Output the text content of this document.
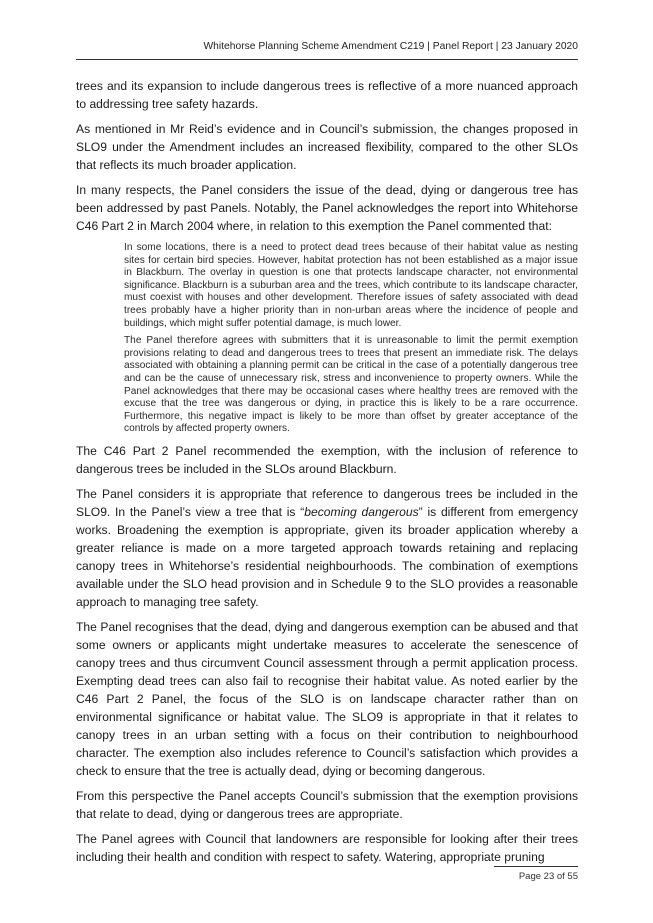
Whitehorse Planning Scheme Amendment C219 | Panel Report | 23 January 2020

trees and its expansion to include dangerous trees is reflective of a more nuanced approach to addressing tree safety hazards.

As mentioned in Mr Reid’s evidence and in Council’s submission, the changes proposed in SLO9 under the Amendment includes an increased flexibility, compared to the other SLOs that reflects its much broader application.

In many respects, the Panel considers the issue of the dead, dying or dangerous tree has been addressed by past Panels. Notably, the Panel acknowledges the report into Whitehorse C46 Part 2 in March 2004 where, in relation to this exemption the Panel commented that:

In some locations, there is a need to protect dead trees because of their habitat value as nesting sites for certain bird species. However, habitat protection has not been established as a major issue in Blackburn. The overlay in question is one that protects landscape character, not environmental significance. Blackburn is a suburban area and the trees, which contribute to its landscape character, must coexist with houses and other development. Therefore issues of safety associated with dead trees probably have a higher priority than in non-urban areas where the incidence of people and buildings, which might suffer potential damage, is much lower.

The Panel therefore agrees with submitters that it is unreasonable to limit the permit exemption provisions relating to dead and dangerous trees to trees that present an immediate risk. The delays associated with obtaining a planning permit can be critical in the case of a potentially dangerous tree and can be the cause of unnecessary risk, stress and inconvenience to property owners. While the Panel acknowledges that there may be occasional cases where healthy trees are removed with the excuse that the tree was dangerous or dying, in practice this is likely to be a rare occurrence. Furthermore, this negative impact is likely to be more than offset by greater acceptance of the controls by affected property owners.

The C46 Part 2 Panel recommended the exemption, with the inclusion of reference to dangerous trees be included in the SLOs around Blackburn.

The Panel considers it is appropriate that reference to dangerous trees be included in the SLO9. In the Panel’s view a tree that is “becoming dangerous” is different from emergency works. Broadening the exemption is appropriate, given its broader application whereby a greater reliance is made on a more targeted approach towards retaining and replacing canopy trees in Whitehorse’s residential neighbourhoods. The combination of exemptions available under the SLO head provision and in Schedule 9 to the SLO provides a reasonable approach to managing tree safety.

The Panel recognises that the dead, dying and dangerous exemption can be abused and that some owners or applicants might undertake measures to accelerate the senescence of canopy trees and thus circumvent Council assessment through a permit application process. Exempting dead trees can also fail to recognise their habitat value. As noted earlier by the C46 Part 2 Panel, the focus of the SLO is on landscape character rather than on environmental significance or habitat value. The SLO9 is appropriate in that it relates to canopy trees in an urban setting with a focus on their contribution to neighbourhood character. The exemption also includes reference to Council’s satisfaction which provides a check to ensure that the tree is actually dead, dying or becoming dangerous.

From this perspective the Panel accepts Council’s submission that the exemption provisions that relate to dead, dying or dangerous trees are appropriate.

The Panel agrees with Council that landowners are responsible for looking after their trees including their health and condition with respect to safety. Watering, appropriate pruning

Page 23 of 55
